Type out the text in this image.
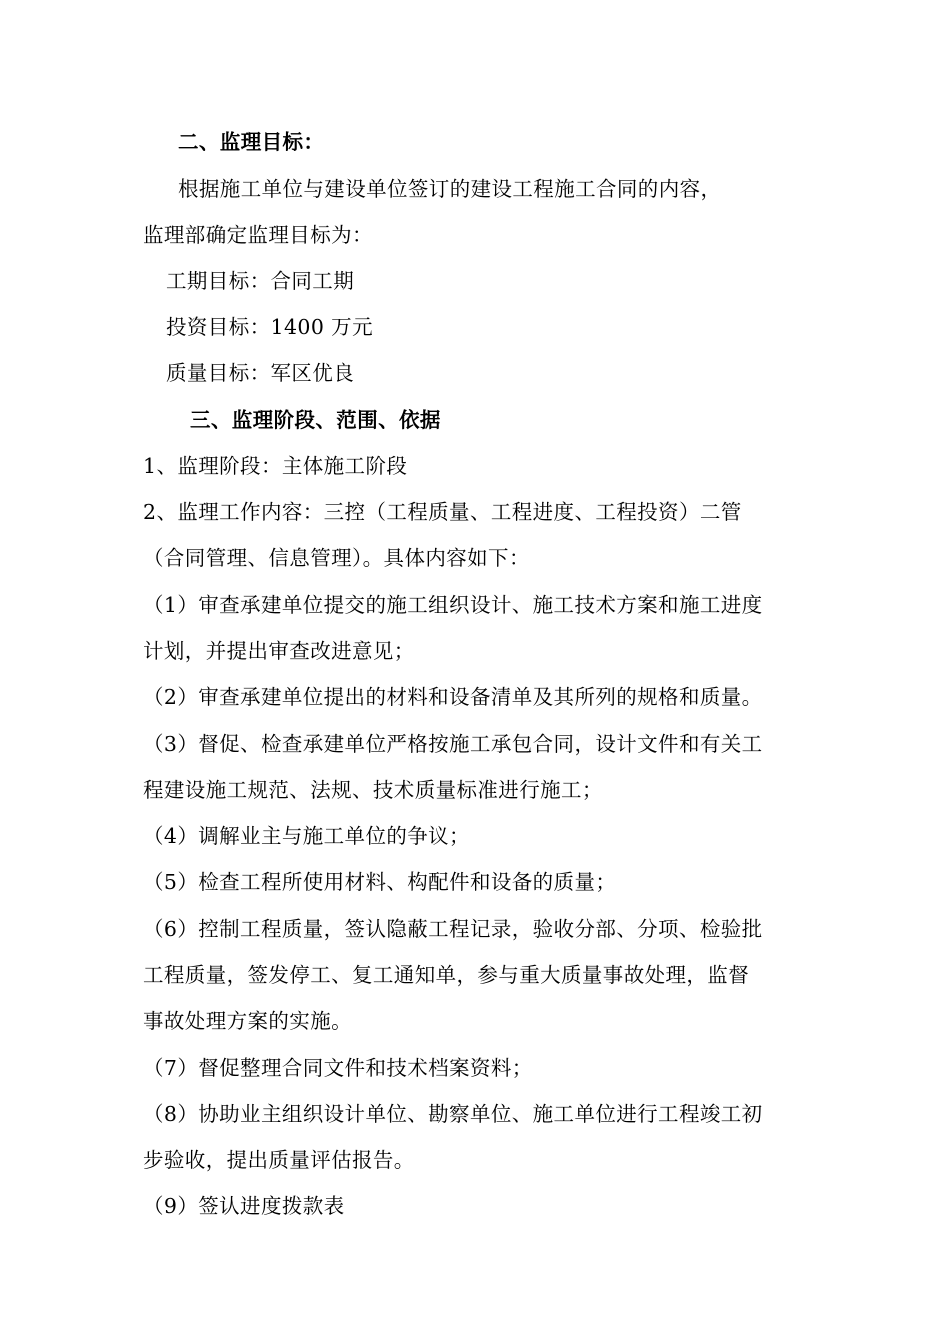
二、监理目标：
根据施工单位与建设单位签订的建设工程施工合同的内容，
监理部确定监理目标为：
工期目标：合同工期
投资目标：1400 万元
质量目标：军区优良
三、监理阶段、范围、依据
1、监理阶段：主体施工阶段
2、监理工作内容：三控（工程质量、工程进度、工程投资）二管
（合同管理、信息管理）。具体内容如下：
（1）审查承建单位提交的施工组织设计、施工技术方案和施工进度
计划，并提出审查改进意见；
（2）审查承建单位提出的材料和设备清单及其所列的规格和质量。
（3）督促、检查承建单位严格按施工承包合同，设计文件和有关工
程建设施工规范、法规、技术质量标准进行施工；
（4）调解业主与施工单位的争议；
（5）检查工程所使用材料、构配件和设备的质量；
（6）控制工程质量，签认隐蔽工程记录，验收分部、分项、检验批
工程质量，签发停工、复工通知单，参与重大质量事故处理，监督
事故处理方案的实施。
（7）督促整理合同文件和技术档案资料；
（8）协助业主组织设计单位、勘察单位、施工单位进行工程竣工初
步验收，提出质量评估报告。
（9）签认进度拨款表
